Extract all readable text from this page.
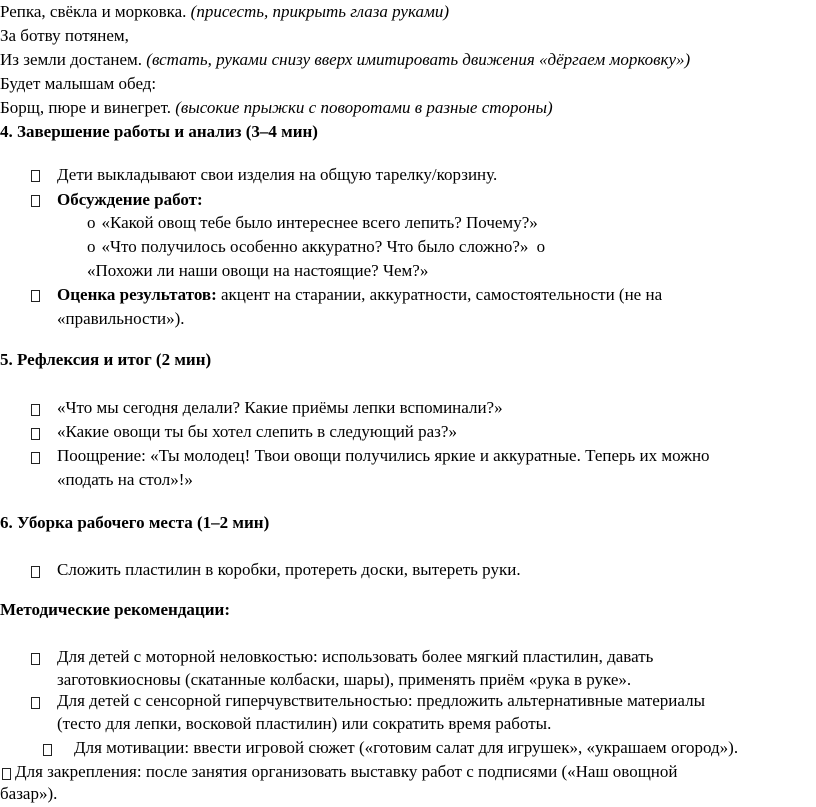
Репка, свёкла и морковка. (присесть, прикрыть глаза руками)
За ботву потянем,
Из земли достанем. (встать, руками снизу вверх имитировать движения «дёргаем морковку»)
Будет малышам обед:
Борщ, пюре и винегрет. (высокие прыжки с поворотами в разные стороны)
4. Завершение работы и анализ (3–4 мин)
Дети выкладывают свои изделия на общую тарелку/корзину.
Обсуждение работ:
o «Какой овощ тебе было интереснее всего лепить? Почему?»
o «Что получилось особенно аккуратно? Что было сложно?» o
«Похожи ли наши овощи на настоящие? Чем?»
Оценка результатов: акцент на старании, аккуратности, самостоятельности (не на
«правильности»).
5. Рефлексия и итог (2 мин)
«Что мы сегодня делали? Какие приёмы лепки вспоминали?»
«Какие овощи ты бы хотел слепить в следующий раз?»
Поощрение: «Ты молодец! Твои овощи получились яркие и аккуратные. Теперь их можно
«подать на стол»!»
6. Уборка рабочего места (1–2 мин)
Сложить пластилин в коробки, протереть доски, вытереть руки.
Методические рекомендации:
Для детей с моторной неловкостью: использовать более мягкий пластилин, давать
заготовкиосновы (скатанные колбаски, шары), применять приём «рука в руке».
Для детей с сенсорной гиперчувствительностью: предложить альтернативные материалы
(тесто для лепки, восковой пластилин) или сократить время работы.
Для мотивации: ввести игровой сюжет («готовим салат для игрушек», «украшаем огород»).
Для закрепления: после занятия организовать выставку работ с подписями («Наш овощной
базар»).
